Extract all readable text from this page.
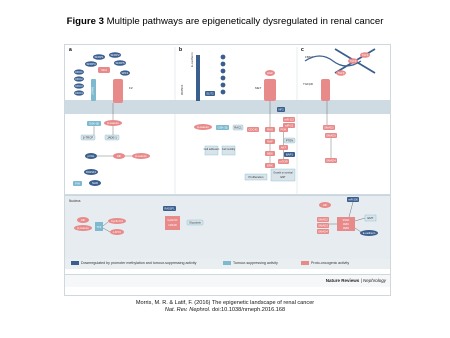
Figure 3 Multiple pathways are epigenetically dysregulated in renal cancer
a	b	c
SFRP1 SFRP2
SFRP4	SFRP5
DKK1
DKK2
DKK3
DKK4
WIF1
Wnt
LRP5/6	FZ
GSK-3β	β-catenin
β-TRCP	JADE-1
pVHL	HIF	β-catenin
RASSF1
FIH	NHD
Nucleus
HIF
β-catenin	TCF
Cyclin D1
c-MYC
E-cadherin
SLIT2
ROBO1
HGF
MET
β-catenin	GSK-3β RAC1
Cell adhesion Cell motility
CDC42	RAS	PI3K
RAF
MEK
ERK
AKT
mTOR
PTEN
NF2
miR-122
miR-21
BAP1
Proliferation
Growth or survival
EMT
RASSF1
Cyclin D1
CDK4/6
Glycolysis
FBN2
TGFβ
TGFβ
TGFβ
TGFβR
SMAD2
SMAD3
SMAD4
HIF
SMAD2
SMAD3
SMAD4
miR-200
SNAI1
ZEB1
ZEB2
EMT
E-cadherin
Downregulated by promoter methylation and tumour-suppressing activity	Tumour-suppressing activity	Proto-oncogenic activity
Nature Reviews | Nephrology
Morris, M. R. & Latif, F. (2016) The epigenetic landscape of renal cancer
Nat. Rev. Nephrol. doi:10.1038/nrneph.2016.168
